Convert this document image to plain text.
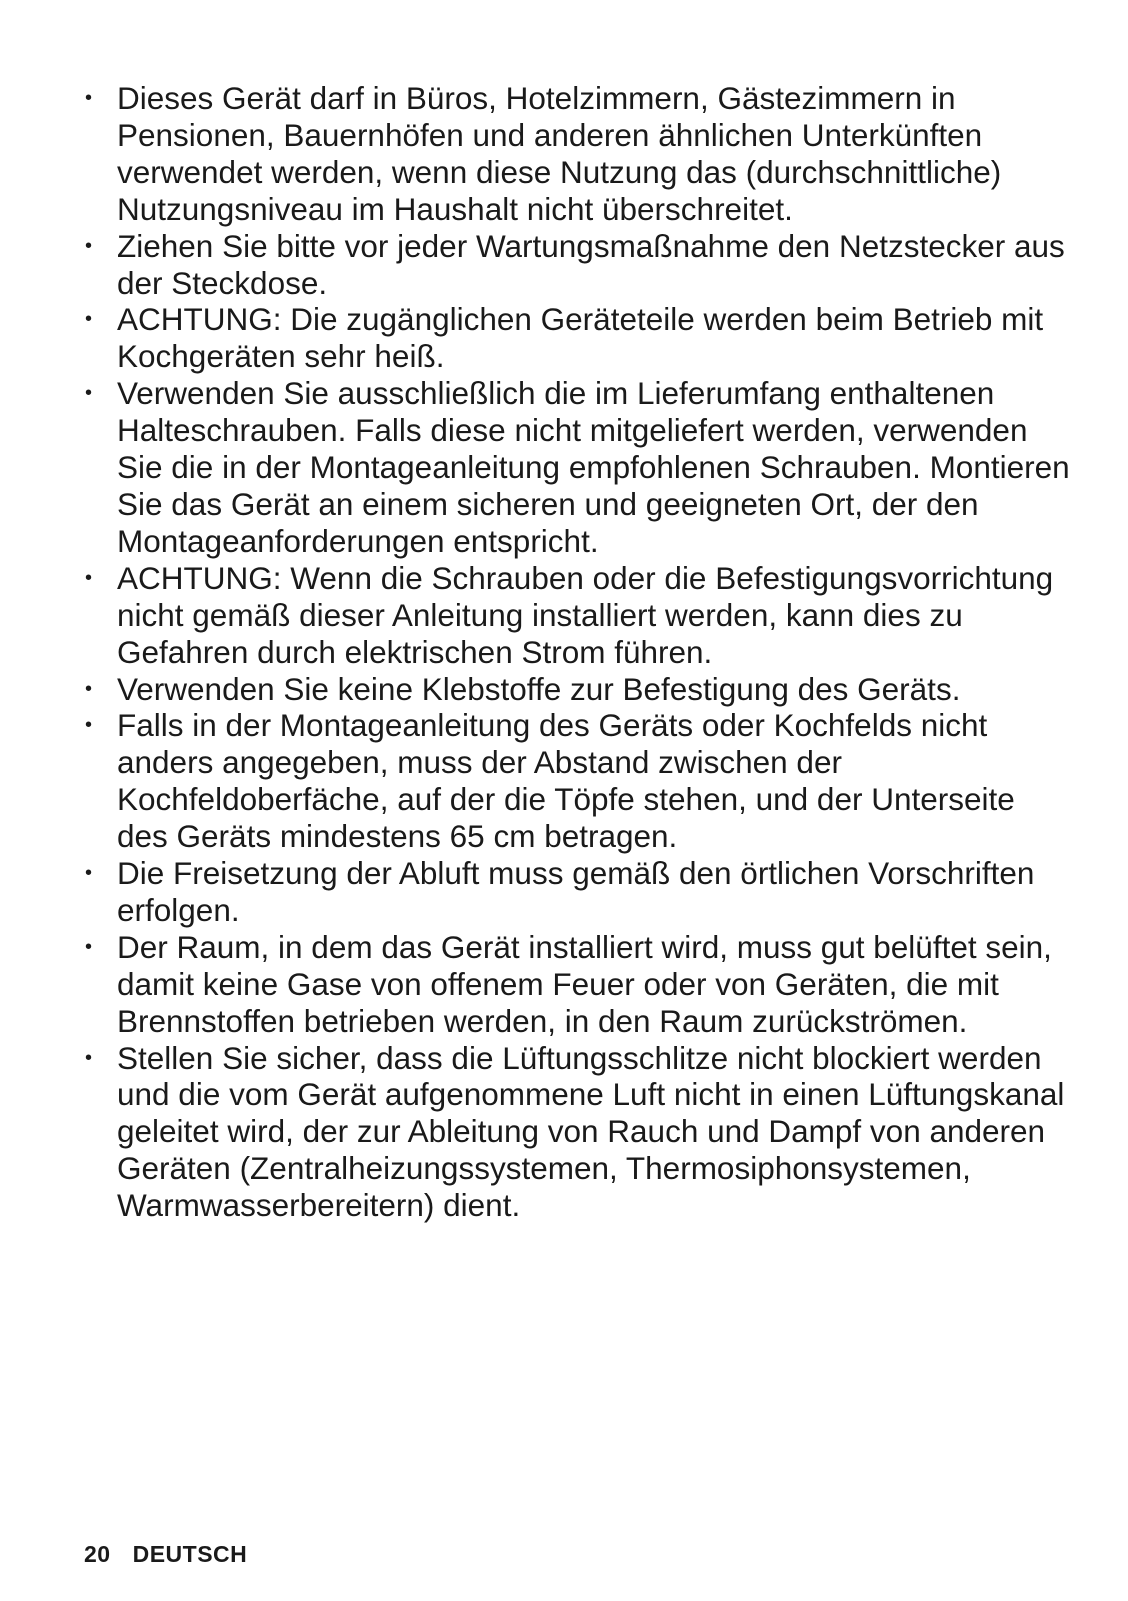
• Dieses Gerät darf in Büros, Hotelzimmern, Gästezimmern in Pensionen, Bauernhöfen und anderen ähnlichen Unterkünften verwendet werden, wenn diese Nutzung das (durchschnittliche) Nutzungsniveau im Haushalt nicht überschreitet.
• Ziehen Sie bitte vor jeder Wartungsmaßnahme den Netzstecker aus der Steckdose.
• ACHTUNG: Die zugänglichen Geräteteile werden beim Betrieb mit Kochgeräten sehr heiß.
• Verwenden Sie ausschließlich die im Lieferumfang enthaltenen Halteschrauben. Falls diese nicht mitgeliefert werden, verwenden Sie die in der Montageanleitung empfohlenen Schrauben. Montieren Sie das Gerät an einem sicheren und geeigneten Ort, der den Montageanforderungen entspricht.
• ACHTUNG: Wenn die Schrauben oder die Befestigungsvorrichtung nicht gemäß dieser Anleitung installiert werden, kann dies zu Gefahren durch elektrischen Strom führen.
• Verwenden Sie keine Klebstoffe zur Befestigung des Geräts.
• Falls in der Montageanleitung des Geräts oder Kochfelds nicht anders angegeben, muss der Abstand zwischen der Kochfeldoberfäche, auf der die Töpfe stehen, und der Unterseite des Geräts mindestens 65 cm betragen.
• Die Freisetzung der Abluft muss gemäß den örtlichen Vorschriften erfolgen.
• Der Raum, in dem das Gerät installiert wird, muss gut belüftet sein, damit keine Gase von offenem Feuer oder von Geräten, die mit Brennstoffen betrieben werden, in den Raum zurückströmen.
• Stellen Sie sicher, dass die Lüftungsschlitze nicht blockiert werden und die vom Gerät aufgenommene Luft nicht in einen Lüftungskanal geleitet wird, der zur Ableitung von Rauch und Dampf von anderen Geräten (Zentralheizungssystemen, Thermosiphonsystemen, Warmwasserbereitern) dient.
20 DEUTSCH
